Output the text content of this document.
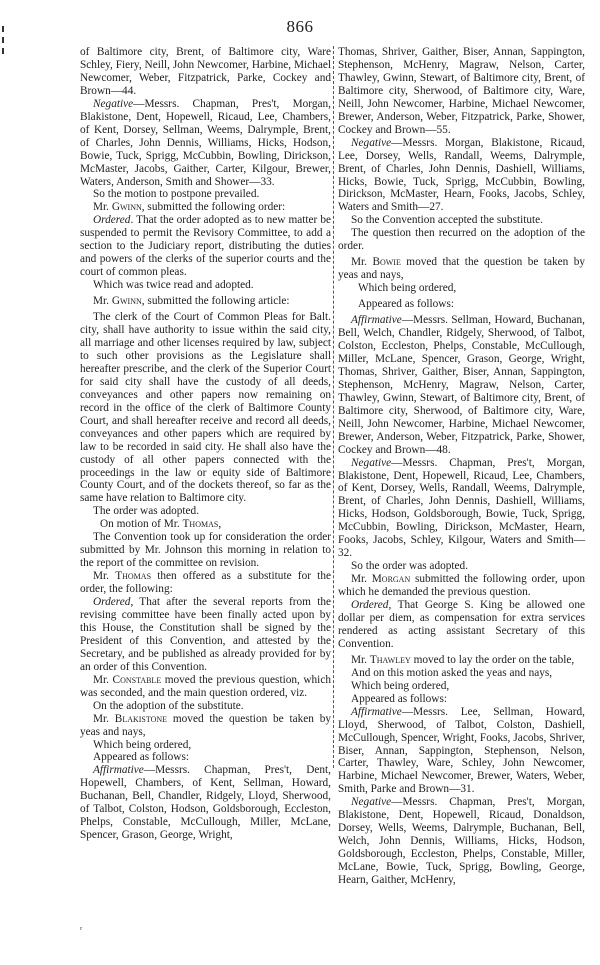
866

of Baltimore city, Brent, of Baltimore city, Ware Schley, Fiery, Neill, John Newcomer, Harbine, Michael Newcomer, Weber, Fitzpatrick, Parke, Cockey and Brown—44.

Negative—Messrs. Chapman, Pres't, Morgan, Blakistone, Dent, Hopewell, Ricaud, Lee, Chambers, of Kent, Dorsey, Sellman, Weems, Dalrymple, Brent, of Charles, John Dennis, Williams, Hicks, Hodson, Bowie, Tuck, Sprigg, McCubbin, Bowling, Dirickson, McMaster, Jacobs, Gaither, Carter, Kilgour, Brewer, Waters, Anderson, Smith and Shower—33.

So the motion to postpone prevailed.

Mr. Gwinn, submitted the following order:

Ordered. That the order adopted as to new matter be suspended to permit the Revisory Committee, to add a section to the Judiciary report, distributing the duties and powers of the clerks of the superior courts and the court of common pleas.

Which was twice read and adopted.

Mr. Gwinn, submitted the following article:

The clerk of the Court of Common Pleas for Balt. city, shall have authority to issue within the said city, all marriage and other licenses required by law, subject to such other provisions as the Legislature shall hereafter prescribe, and the clerk of the Superior Court for said city shall have the custody of all deeds, conveyances and other papers now remaining on record in the office of the clerk of Baltimore County Court, and shall hereafter receive and record all deeds, conveyances and other papers which are required by law to be recorded in said city. He shall also have the custody of all other papers connected with the proceedings in the law or equity side of Baltimore County Court, and of the dockets thereof, so far as the same have relation to Baltimore city.

The order was adopted.

On motion of Mr. Thomas,

The Convention took up for consideration the order submitted by Mr. Johnson this morning in relation to the report of the committee on revision.

Mr. Thomas then offered as a substitute for the order, the following:

Ordered, That after the several reports from the revising committee have been finally acted upon by this House, the Constitution shall be signed by the President of this Convention, and attested by the Secretary, and be published as already provided for by an order of this Convention.

Mr. Constable moved the previous question, which was seconded, and the main question ordered, viz.

On the adoption of the substitute.

Mr. Blakistone moved the question be taken by yeas and nays,

Which being ordered,

Appeared as follows:

Affirmative—Messrs. Chapman, Pres't, Dent, Hopewell, Chambers, of Kent, Sellman, Howard, Buchanan, Bell, Chandler, Ridgely, Lloyd, Sherwood, of Talbot, Colston, Hodson, Goldsborough, Eccleston, Phelps, Constable, McCullough, Miller, McLane, Spencer, Grason, George, Wright,

Thomas, Shriver, Gaither, Biser, Annan, Sappington, Stephenson, McHenry, Magraw, Nelson, Carter, Thawley, Gwinn, Stewart, of Baltimore city, Brent, of Baltimore city, Sherwood, of Baltimore city, Ware, Neill, John Newcomer, Harbine, Michael Newcomer, Brewer, Anderson, Weber, Fitzpatrick, Parke, Shower, Cockey and Brown—55.

Negative—Messrs. Morgan, Blakistone, Ricaud, Lee, Dorsey, Wells, Randall, Weems, Dalrymple, Brent, of Charles, John Dennis, Dashiell, Williams, Hicks, Bowie, Tuck, Sprigg, McCubbin, Bowling, Dirickson, McMaster, Hearn, Fooks, Jacobs, Schley, Waters and Smith—27.

So the Convention accepted the substitute.

The question then recurred on the adoption of the order.

Mr. Bowie moved that the question be taken by yeas and nays,

Which being ordered,

Appeared as follows:

Affirmative—Messrs. Sellman, Howard, Buchanan, Bell, Welch, Chandler, Ridgely, Sherwood, of Talbot, Colston, Eccleston, Phelps, Constable, McCullough, Miller, McLane, Spencer, Grason, George, Wright, Thomas, Shriver, Gaither, Biser, Annan, Sappington, Stephenson, McHenry, Magraw, Nelson, Carter, Thawley, Gwinn, Stewart, of Baltimore city, Brent, of Baltimore city, Sherwood, of Baltimore city, Ware, Neill, John Newcomer, Harbine, Michael Newcomer, Brewer, Anderson, Weber, Fitzpatrick, Parke, Shower, Cockey and Brown—48.

Negative—Messrs. Chapman, Pres't, Morgan, Blakistone, Dent, Hopewell, Ricaud, Lee, Chambers, of Kent, Dorsey, Wells, Randall, Weems, Dalrymple, Brent, of Charles, John Dennis, Dashiell, Williams, Hicks, Hodson, Goldsborough, Bowie, Tuck, Sprigg, McCubbin, Bowling, Dirickson, McMaster, Hearn, Fooks, Jacobs, Schley, Kilgour, Waters and Smith—32.

So the order was adopted.

Mr. Morgan submitted the following order, upon which he demanded the previous question.

Ordered, That George S. King be allowed one dollar per diem, as compensation for extra services rendered as acting assistant Secretary of this Convention.

Mr. Thawley moved to lay the order on the table,

And on this motion asked the yeas and nays,

Which being ordered,

Appeared as follows:

Affirmative—Messrs. Lee, Sellman, Howard, Lloyd, Sherwood, of Talbot, Colston, Dashiell, McCullough, Spencer, Wright, Fooks, Jacobs, Shriver, Biser, Annan, Sappington, Stephenson, Nelson, Carter, Thawley, Ware, Schley, John Newcomer, Harbine, Michael Newcomer, Brewer, Waters, Weber, Smith, Parke and Brown—31.

Negative—Messrs. Chapman, Pres't, Morgan, Blakistone, Dent, Hopewell, Ricaud, Donaldson, Dorsey, Wells, Weems, Dalrymple, Buchanan, Bell, Welch, John Dennis, Williams, Hicks, Hodson, Goldsborough, Eccleston, Phelps, Constable, Miller, McLane, Bowie, Tuck, Sprigg, Bowling, George, Hearn, Gaither, McHenry,

ᵣ
